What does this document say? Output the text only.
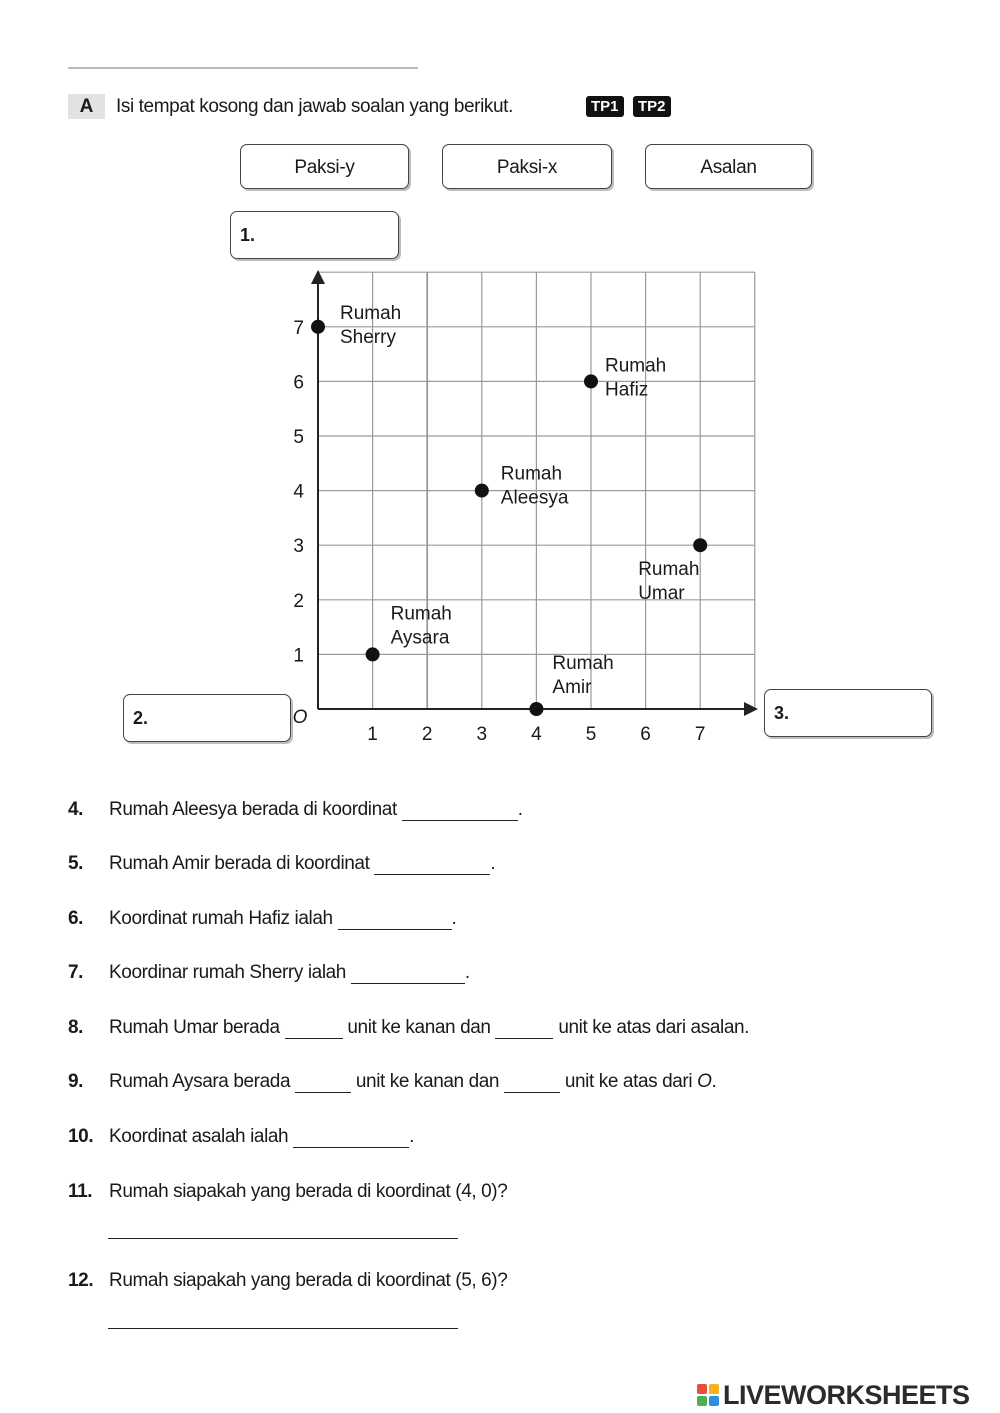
A	Isi tempat kosong dan jawab soalan yang berikut.	TP1	TP2
Paksi-y	Paksi-x	Asalan
1 2 3 4 5 6 7
1
2
3
4
5
6
7
O
Rumah
Sherry
Rumah
Hafiz
Rumah
Aleesya
Rumah
Umar
Rumah
Aysara
Rumah
Amir
1.
2.	3.
4. Rumah Aleesya berada di koordinat	.
5. Rumah Amir berada di koordinat	.
6. Koordinat rumah Hafiz ialah	.
7. Koordinar rumah Sherry ialah	.
8. Rumah Umar berada	unit ke kanan dan	unit ke atas dari asalan.
9. Rumah Aysara berada	unit ke kanan dan	unit ke atas dari O.
10. Koordinat asalah ialah	.
11. Rumah siapakah yang berada di koordinat (4, 0)?
12. Rumah siapakah yang berada di koordinat (5, 6)?
LIVEWORKSHEETS
